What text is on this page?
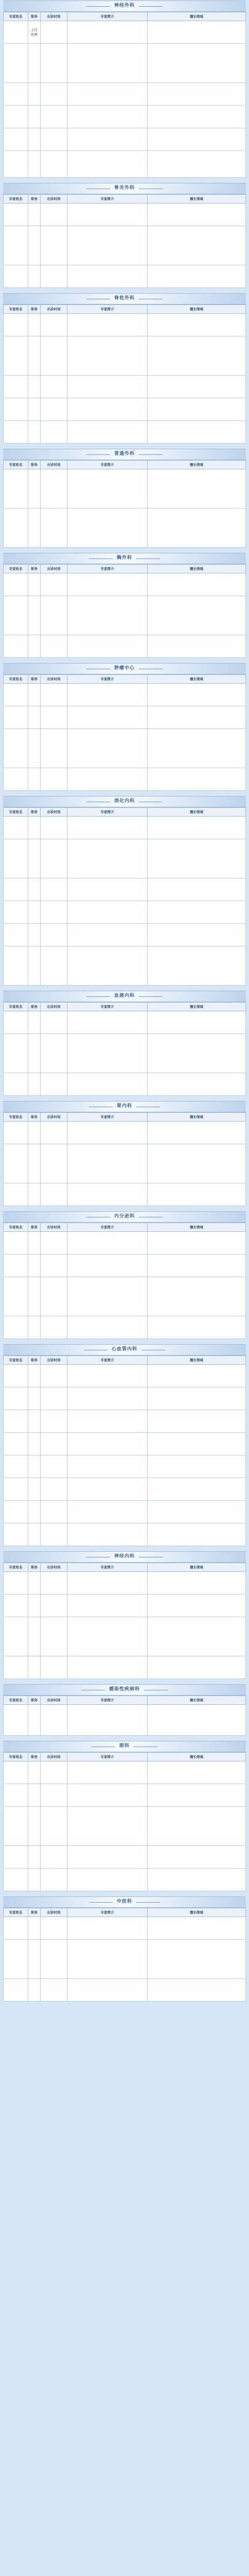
神经外科
专家姓名	职务	出诊时间	专家简介	擅长领域
	主任医师			

骨关外科
专家姓名	职务	出诊时间	专家简介	擅长领域

脊柱外科
专家姓名	职务	出诊时间	专家简介	擅长领域

普通外科
专家姓名	职务	出诊时间	专家简介	擅长领域

胸外科
专家姓名	职务	出诊时间	专家简介	擅长领域

肿瘤中心
专家姓名	职务	出诊时间	专家简介	擅长领域

消化内科
专家姓名	职务	出诊时间	专家简介	擅长领域

血液内科
专家姓名	职务	出诊时间	专家简介	擅长领域

肾内科
专家姓名	职务	出诊时间	专家简介	擅长领域

内分泌科
专家姓名	职务	出诊时间	专家简介	擅长领域

心血管内科
专家姓名	职务	出诊时间	专家简介	擅长领域

神经内科
专家姓名	职务	出诊时间	专家简介	擅长领域

感染性疾病科
专家姓名	职务	出诊时间	专家简介	擅长领域

眼科
专家姓名	职务	出诊时间	专家简介	擅长领域

中医科
专家姓名	职务	出诊时间	专家简介	擅长领域
